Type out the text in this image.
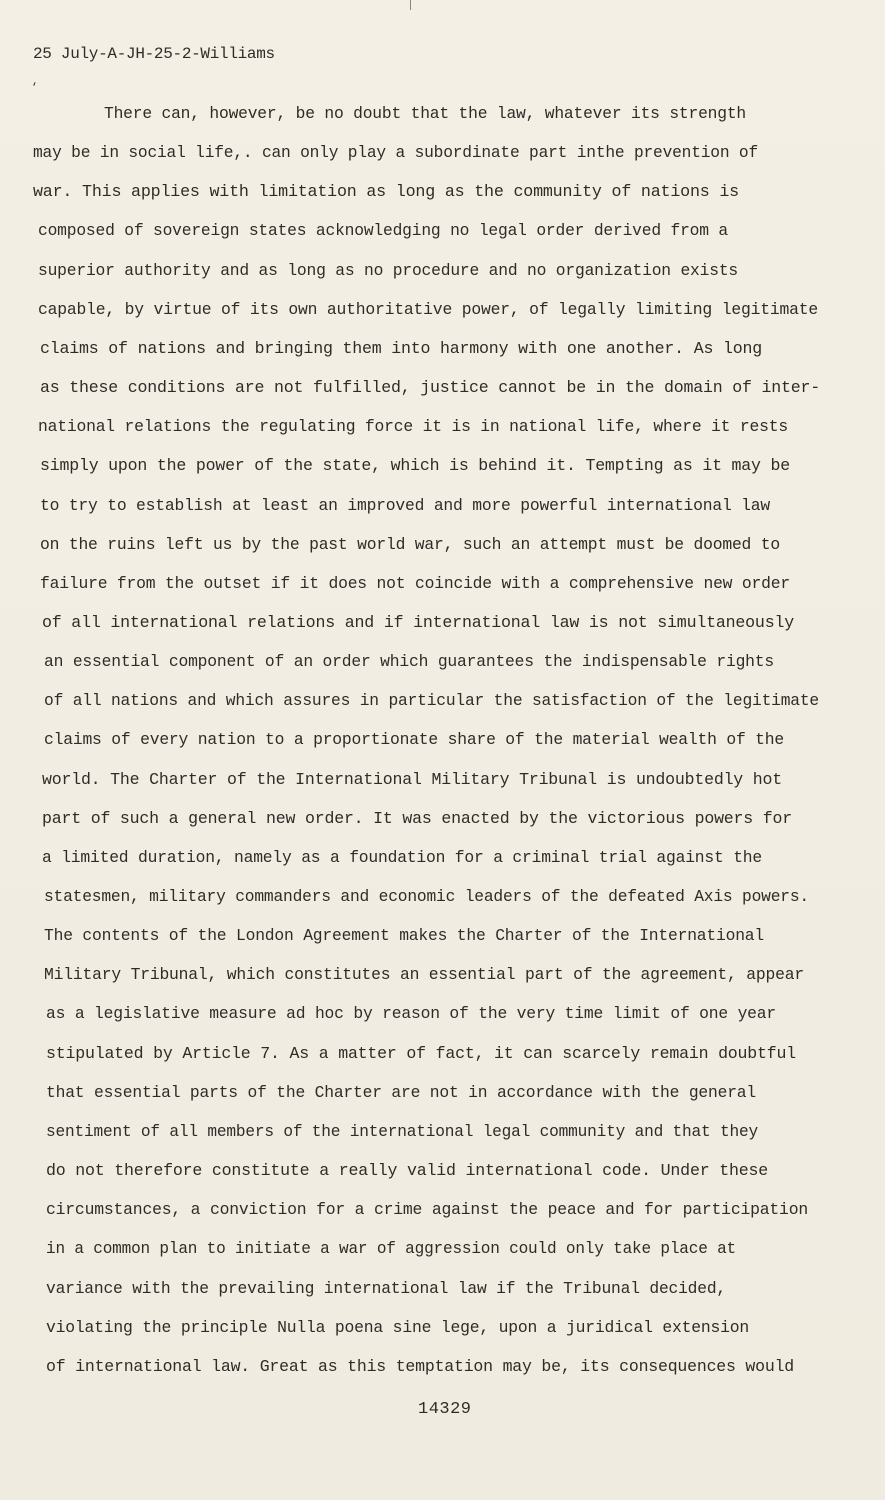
25 July-A-JH-25-2-Williams
‘
There can, however, be no doubt that the law, whatever its strength
may be in social life,. can only play a subordinate part inthe prevention of
war. This applies with limitation as long as the community of nations is
composed of sovereign states acknowledging no legal order derived from a
superior authority and as long as no procedure and no organization exists
capable, by virtue of its own authoritative power, of legally limiting legitimate
claims of nations and bringing them into harmony with one another. As long
as these conditions are not fulfilled, justice cannot be in the domain of inter-
national relations the regulating force it is in national life, where it rests
simply upon the power of the state, which is behind it. Tempting as it may be
to try to establish at least an improved and more powerful international law
on the ruins left us by the past world war, such an attempt must be doomed to
failure from the outset if it does not coincide with a comprehensive new order
of all international relations and if international law is not simultaneously
an essential component of an order which guarantees the indispensable rights
of all nations and which assures in particular the satisfaction of the legitimate
claims of every nation to a proportionate share of the material wealth of the
world. The Charter of the International Military Tribunal is undoubtedly hot
part of such a general new order. It was enacted by the victorious powers for
a limited duration, namely as a foundation for a criminal trial against the
statesmen, military commanders and economic leaders of the defeated Axis powers.
The contents of the London Agreement makes the Charter of the International
Military Tribunal, which constitutes an essential part of the agreement, appear
as a legislative measure ad hoc by reason of the very time limit of one year
stipulated by Article 7. As a matter of fact, it can scarcely remain doubtful
that essential parts of the Charter are not in accordance with the general
sentiment of all members of the international legal community and that they
do not therefore constitute a really valid international code. Under these
circumstances, a conviction for a crime against the peace and for participation
in a common plan to initiate a war of aggression could only take place at
variance with the prevailing international law if the Tribunal decided,
violating the principle Nulla poena sine lege, upon a juridical extension
of international law. Great as this temptation may be, its consequences would
14329
